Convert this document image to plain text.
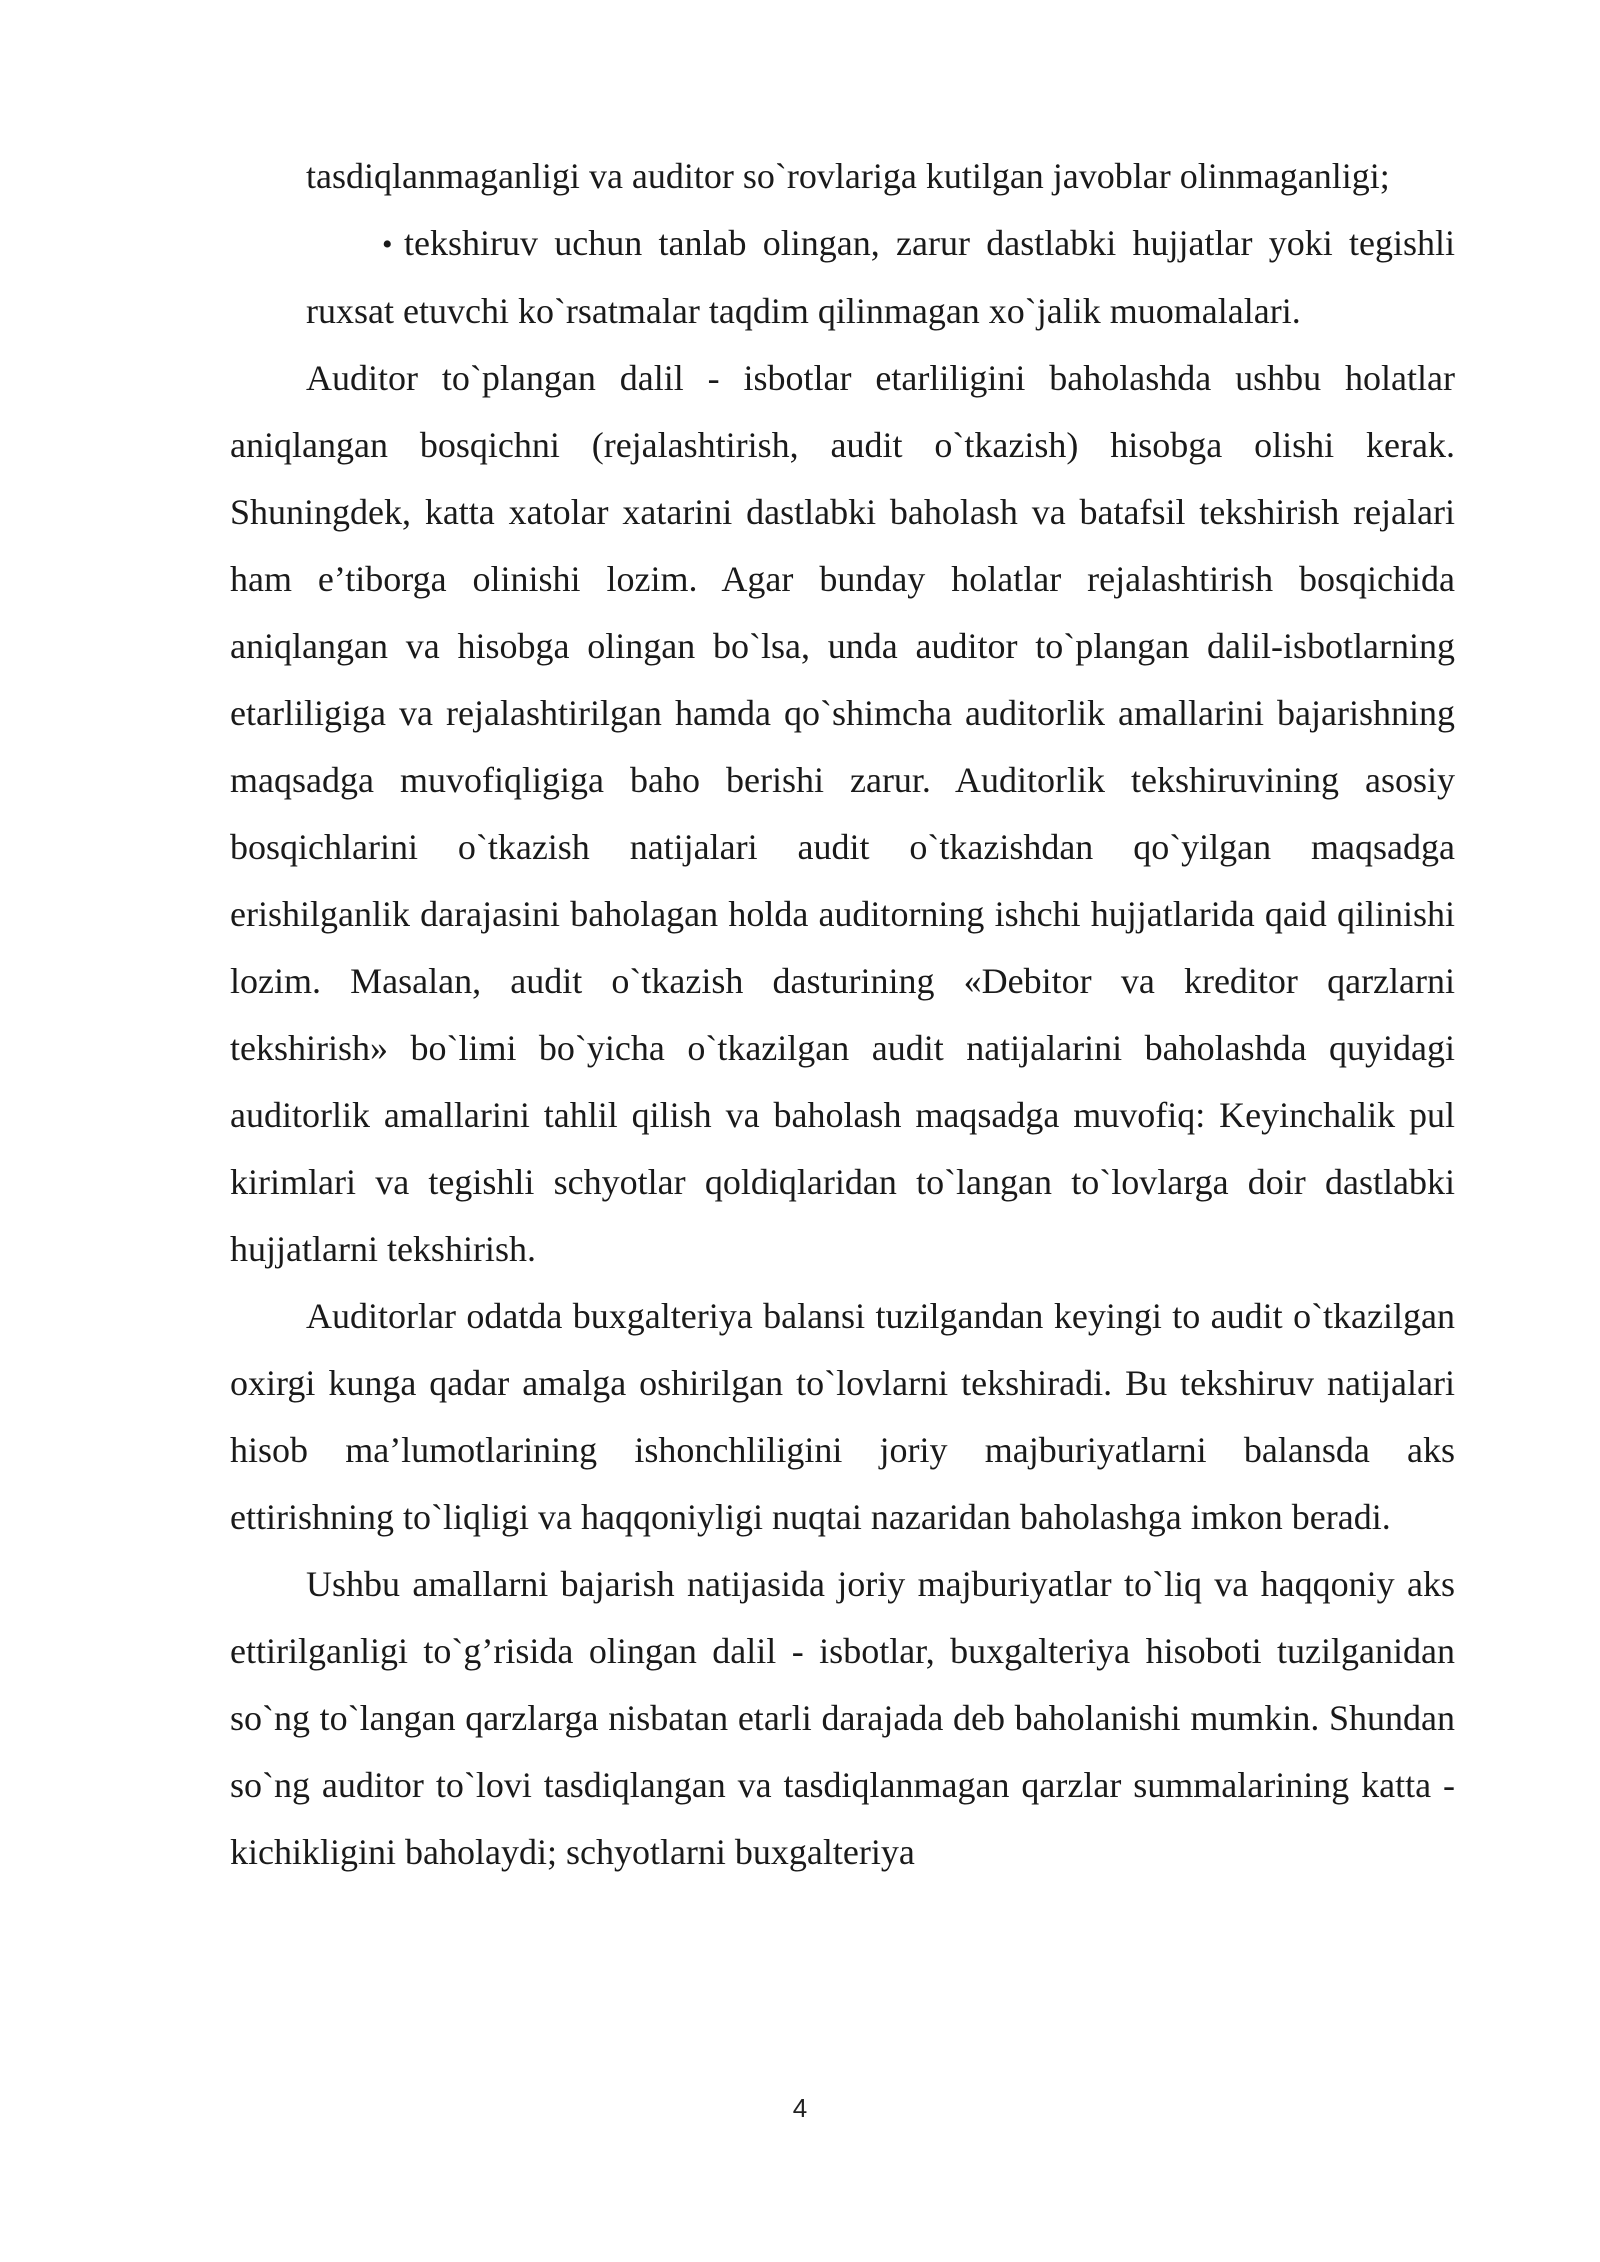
tasdiqlanmaganligi va auditor so`rovlariga kutilgan javoblar olinmaganligi;

• tekshiruv uchun tanlab olingan, zarur dastlabki hujjatlar yoki tegishli ruxsat etuvchi ko`rsatmalar taqdim qilinmagan xo`jalik muomalalari.

Auditor to`plangan dalil - isbotlar etarliligini baholashda ushbu holatlar aniqlangan bosqichni (rejalashtirish, audit o`tkazish) hisobga olishi kerak. Shuningdek, katta xatolar xatarini dastlabki baholash va batafsil tekshirish rejalari ham e’tiborga olinishi lozim. Agar bunday holatlar rejalashtirish bosqichida aniqlangan va hisobga olingan bo`lsa, unda auditor to`plangan dalil-isbotlarning etarliligiga va rejalashtirilgan hamda qo`shimcha auditorlik amallarini bajarishning maqsadga muvofiqligiga baho berishi zarur. Auditorlik tekshiruvining asosiy bosqichlarini o`tkazish natijalari audit o`tkazishdan qo`yilgan maqsadga erishilganlik darajasini baholagan holda auditorning ishchi hujjatlarida qaid qilinishi lozim. Masalan, audit o`tkazish dasturining «Debitor va kreditor qarzlarni tekshirish» bo`limi bo`yicha o`tkazilgan audit natijalarini baholashda quyidagi auditorlik amallarini tahlil qilish va baholash maqsadga muvofiq: Keyinchalik pul kirimlari va tegishli schyotlar qoldiqlaridan to`langan to`lovlarga doir dastlabki hujjatlarni tekshirish.

Auditorlar odatda buxgalteriya balansi tuzilgandan keyingi to audit o`tkazilgan oxirgi kunga qadar amalga oshirilgan to`lovlarni tekshiradi. Bu tekshiruv natijalari hisob ma’lumotlarining ishonchliligini joriy majburiyatlarni balansda aks ettirishning to`liqligi va haqqoniyligi nuqtai nazaridan baholashga imkon beradi.

Ushbu amallarni bajarish natijasida joriy majburiyatlar to`liq va haqqoniy aks ettirilganligi to`g’risida olingan dalil - isbotlar, buxgalteriya hisoboti tuzilganidan so`ng to`langan qarzlarga nisbatan etarli darajada deb baholanishi mumkin. Shundan so`ng auditor to`lovi tasdiqlangan va tasdiqlanmagan qarzlar summalarining katta - kichikligini baholaydi; schyotlarni buxgalteriya

4
